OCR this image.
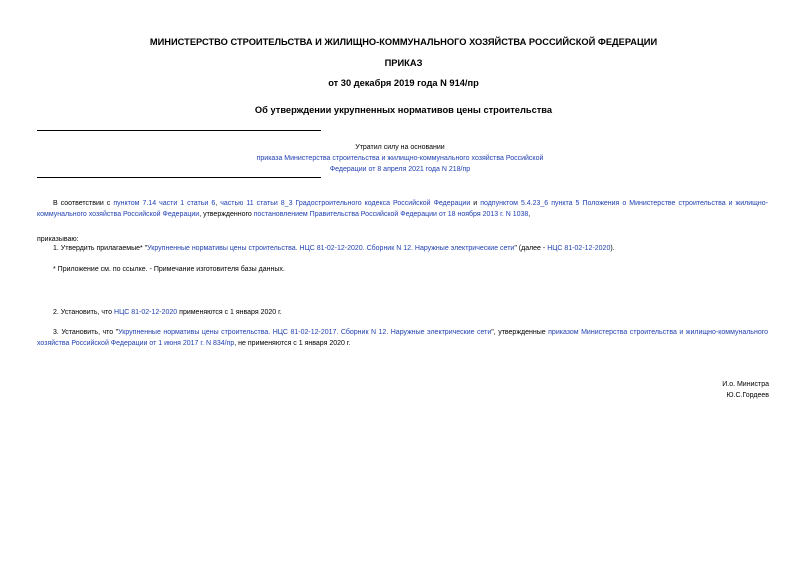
МИНИСТЕРСТВО СТРОИТЕЛЬСТВА И ЖИЛИЩНО-КОММУНАЛЬНОГО ХОЗЯЙСТВА РОССИЙСКОЙ ФЕДЕРАЦИИ
ПРИКАЗ
от 30 декабря 2019 года N 914/пр
Об утверждении укрупненных нормативов цены строительства
Утратил силу на основании
приказа Министерства строительства и жилищно-коммунального хозяйства Российской Федерации от 8 апреля 2021 года N 218/пр
В соответствии с пунктом 7.14 части 1 статьи 6, частью 11 статьи 8_3 Градостроительного кодекса Российской Федерации и подпунктом 5.4.23_6 пункта 5 Положения о Министерстве строительства и жилищно-коммунального хозяйства Российской Федерации, утвержденного постановлением Правительства Российской Федерации от 18 ноября 2013 г. N 1038,
приказываю:
1. Утвердить прилагаемые* "Укрупненные нормативы цены строительства. НЦС 81-02-12-2020. Сборник N 12. Наружные электрические сети" (далее - НЦС 81-02-12-2020).
* Приложение см. по ссылке. - Примечание изготовителя базы данных.
2. Установить, что НЦС 81-02-12-2020 применяются с 1 января 2020 г.
3. Установить, что "Укрупненные нормативы цены строительства. НЦС 81-02-12-2017. Сборник N 12. Наружные электрические сети", утвержденные приказом Министерства строительства и жилищно-коммунального хозяйства Российской Федерации от 1 июня 2017 г. N 834/пр, не применяются с 1 января 2020 г.
И.о. Министра
Ю.С.Гордеев
